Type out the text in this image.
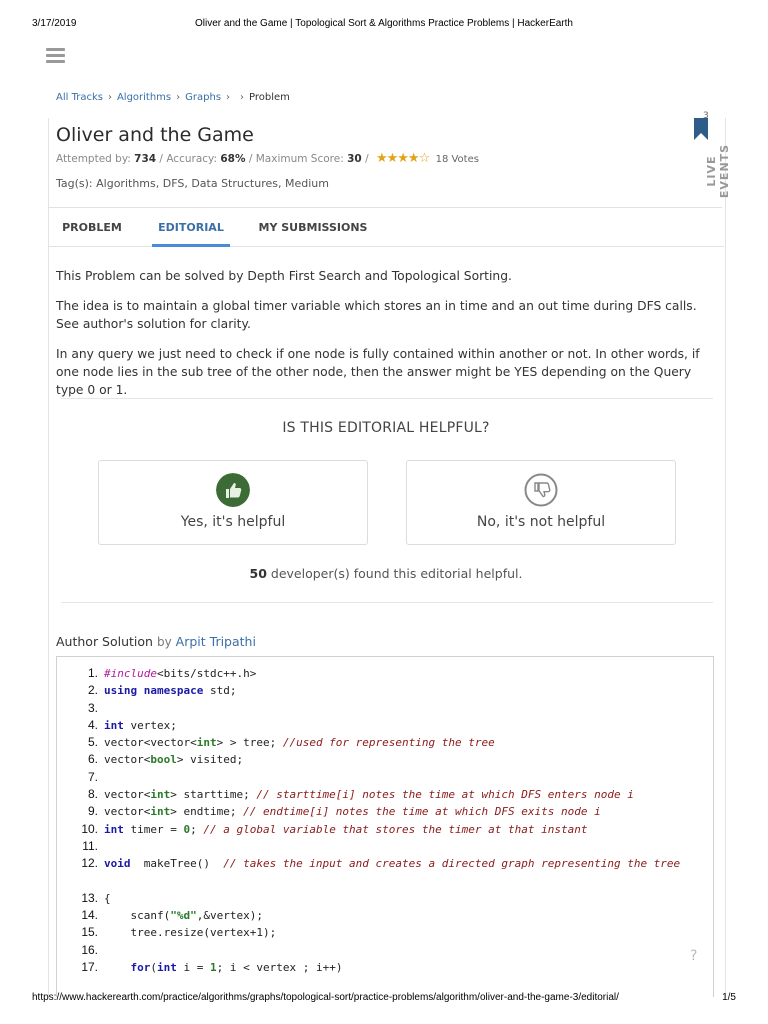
3/17/2019	Oliver and the Game | Topological Sort & Algorithms Practice Problems | HackerEarth
All Tracks › Algorithms › Graphs › › Problem
Oliver and the Game
Attempted by: 734 / Accuracy: 68% / Maximum Score: 30 / ★★★★☆ 18 Votes
Tag(s): Algorithms, DFS, Data Structures, Medium
3
LIVE EVENTS
PROBLEM	EDITORIAL	MY SUBMISSIONS
This Problem can be solved by Depth First Search and Topological Sorting.
The idea is to maintain a global timer variable which stores an in time and an out time during DFS calls. See author's solution for clarity.
In any query we just need to check if one node is fully contained within another or not. In other words, if one node lies in the sub tree of the other node, then the answer might be YES depending on the Query type 0 or 1.
IS THIS EDITORIAL HELPFUL?
Yes, it's helpful	No, it's not helpful
50 developer(s) found this editorial helpful.
Author Solution by Arpit Tripathi
1. #include<bits/stdc++.h>
2. using namespace std;
3.
4. int vertex;
5. vector<vector<int> > tree; //used for representing the tree
6. vector<bool> visited;
7.
8. vector<int> starttime; // starttime[i] notes the time at which DFS enters node i
9. vector<int> endtime; // endtime[i] notes the time at which DFS exits node i
10. int timer = 0; // a global variable that stores the timer at that instant
11.
12. void  makeTree()  // takes the input and creates a directed graph representing the tree
13. {
14. scanf("%d",&vertex);
15. tree.resize(vertex+1);
16.
17.	for(int i = 1; i < vertex ; i++)
?
https://www.hackerearth.com/practice/algorithms/graphs/topological-sort/practice-problems/algorithm/oliver-and-the-game-3/editorial/	1/5
